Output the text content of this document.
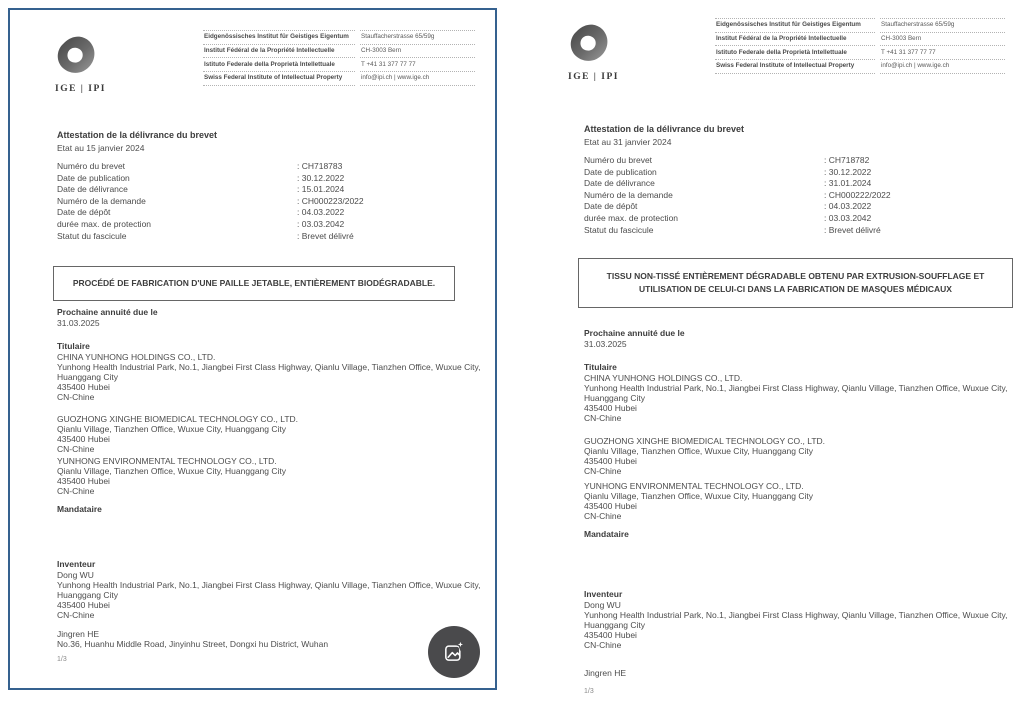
IGE | IPI
Eidgenössisches Institut für Geistiges Eigentum	Stauffacherstrasse 65/59g
Institut Fédéral de la Propriété Intellectuelle	CH-3003 Bern
Istituto Federale della Proprietà Intellettuale	T +41 31 377 77 77
Swiss Federal Institute of Intellectual Property	info@ipi.ch | www.ige.ch
Attestation de la délivrance du brevet
Etat au 15 janvier 2024
Numéro du brevet	: CH718783
Date de publication	: 30.12.2022
Date de délivrance	: 15.01.2024
Numéro de la demande	: CH000223/2022
Date de dépôt	: 04.03.2022
durée max. de protection	: 03.03.2042
Statut du fascicule	: Brevet délivré
PROCÉDÉ DE FABRICATION D'UNE PAILLE JETABLE, ENTIÈREMENT BIODÉGRADABLE.
Prochaine annuité due le
31.03.2025
Titulaire
CHINA YUNHONG HOLDINGS CO., LTD.
Yunhong Health Industrial Park, No.1, Jiangbei First Class Highway, Qianlu Village, Tianzhen Office, Wuxue City, Huanggang City
435400 Hubei
CN-Chine
GUOZHONG XINGHE BIOMEDICAL TECHNOLOGY CO., LTD.
Qianlu Village, Tianzhen Office, Wuxue City, Huanggang City
435400 Hubei
CN-Chine
YUNHONG ENVIRONMENTAL TECHNOLOGY CO., LTD.
Qianlu Village, Tianzhen Office, Wuxue City, Huanggang City
435400 Hubei
CN-Chine
Mandataire
Inventeur
Dong WU
Yunhong Health Industrial Park, No.1, Jiangbei First Class Highway, Qianlu Village, Tianzhen Office, Wuxue City, Huanggang City
435400 Hubei
CN-Chine
Jingren HE
No.36, Huanhu Middle Road, Jinyinhu Street, Dongxi hu District, Wuhan
1/3
IGE | IPI
Eidgenössisches Institut für Geistiges Eigentum	Stauffacherstrasse 65/59g
Institut Fédéral de la Propriété Intellectuelle	CH-3003 Bern
Istituto Federale della Proprietà Intellettuale	T +41 31 377 77 77
Swiss Federal Institute of Intellectual Property	info@ipi.ch | www.ige.ch
Attestation de la délivrance du brevet
Etat au 31 janvier 2024
Numéro du brevet	: CH718782
Date de publication	: 30.12.2022
Date de délivrance	: 31.01.2024
Numéro de la demande	: CH000222/2022
Date de dépôt	: 04.03.2022
durée max. de protection	: 03.03.2042
Statut du fascicule	: Brevet délivré
TISSU NON-TISSÉ ENTIÈREMENT DÉGRADABLE OBTENU PAR EXTRUSION-SOUFFLAGE ET UTILISATION DE CELUI-CI DANS LA FABRICATION DE MASQUES MÉDICAUX
Prochaine annuité due le
31.03.2025
Titulaire
CHINA YUNHONG HOLDINGS CO., LTD.
Yunhong Health Industrial Park, No.1, Jiangbei First Class Highway, Qianlu Village, Tianzhen Office, Wuxue City, Huanggang City
435400 Hubei
CN-Chine
GUOZHONG XINGHE BIOMEDICAL TECHNOLOGY CO., LTD.
Qianlu Village, Tianzhen Office, Wuxue City, Huanggang City
435400 Hubei
CN-Chine
YUNHONG ENVIRONMENTAL TECHNOLOGY CO., LTD.
Qianlu Village, Tianzhen Office, Wuxue City, Huanggang City
435400 Hubei
CN-Chine
Mandataire
Inventeur
Dong WU
Yunhong Health Industrial Park, No.1, Jiangbei First Class Highway, Qianlu Village, Tianzhen Office, Wuxue City, Huanggang City
435400 Hubei
CN-Chine
Jingren HE
1/3
